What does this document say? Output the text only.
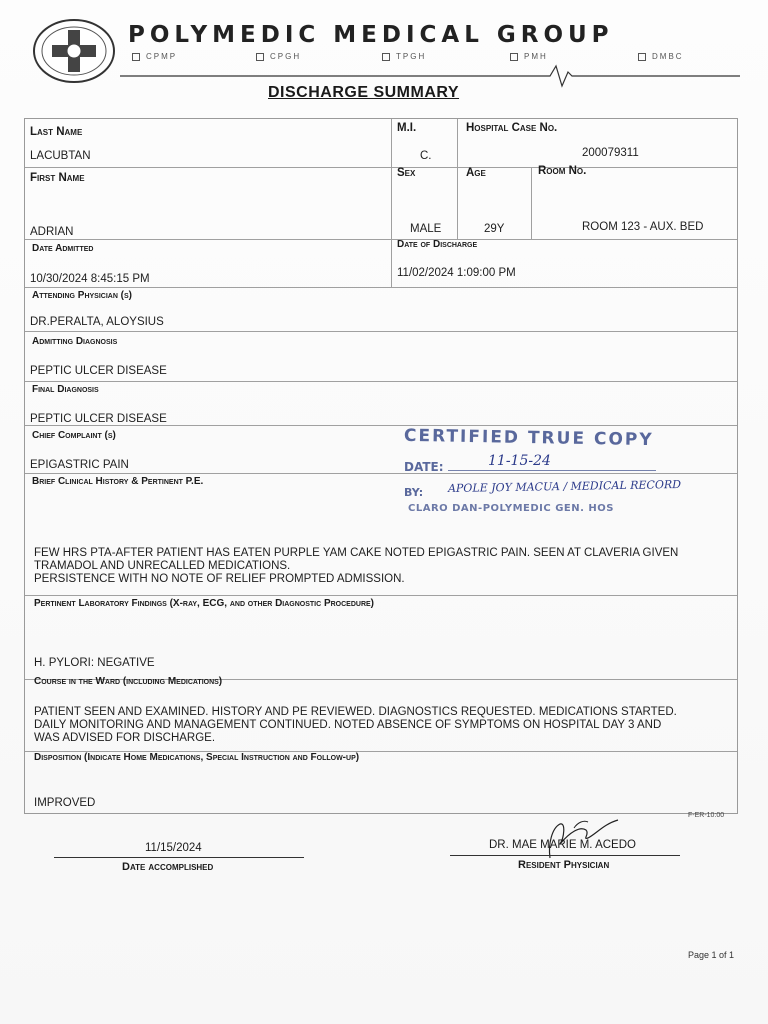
POLYMEDIC MEDICAL GROUP
CPMP	CPGH	TPGH	PMH	DMBC
DISCHARGE SUMMARY
Last Name
LACUBTAN
M.I.
C.
Hospital Case No.
200079311
First Name
ADRIAN
Sex
MALE
Age
29Y
Room No.
ROOM 123 - AUX. BED
Date Admitted
10/30/2024 8:45:15 PM
Date of Discharge
11/02/2024 1:09:00 PM
Attending Physician (s)
DR.PERALTA, ALOYSIUS
Admitting Diagnosis
PEPTIC ULCER DISEASE
Final Diagnosis
PEPTIC ULCER DISEASE
Chief Complaint (s)
EPIGASTRIC PAIN
Brief Clinical History & Pertinent P.E.
FEW HRS PTA-AFTER PATIENT HAS EATEN PURPLE YAM CAKE NOTED EPIGASTRIC PAIN. SEEN AT CLAVERIA GIVEN
TRAMADOL AND UNRECALLED MEDICATIONS.
PERSISTENCE WITH NO NOTE OF RELIEF PROMPTED ADMISSION.
Pertinent Laboratory Findings (X-ray, ECG, and other Diagnostic Procedure)
H. PYLORI: NEGATIVE
Course in the Ward (including Medications)
PATIENT SEEN AND EXAMINED. HISTORY AND PE REVIEWED. DIAGNOSTICS REQUESTED. MEDICATIONS STARTED.
DAILY MONITORING AND MANAGEMENT CONTINUED. NOTED ABSENCE OF SYMPTOMS ON HOSPITAL DAY 3 AND
WAS ADVISED FOR DISCHARGE.
Disposition (Indicate Home Medications, Special Instruction and Follow-up)
IMPROVED
CERTIFIED TRUE COPY
DATE:	11-15-24
BY: APOLE JOY MACUA / MEDICAL RECORD
CLARO DAN-POLYMEDIC GEN. HOS
11/15/2024
Date accomplished
DR. MAE MARIE M. ACEDO
Resident Physician
F-ER-10:00
Page 1 of 1
